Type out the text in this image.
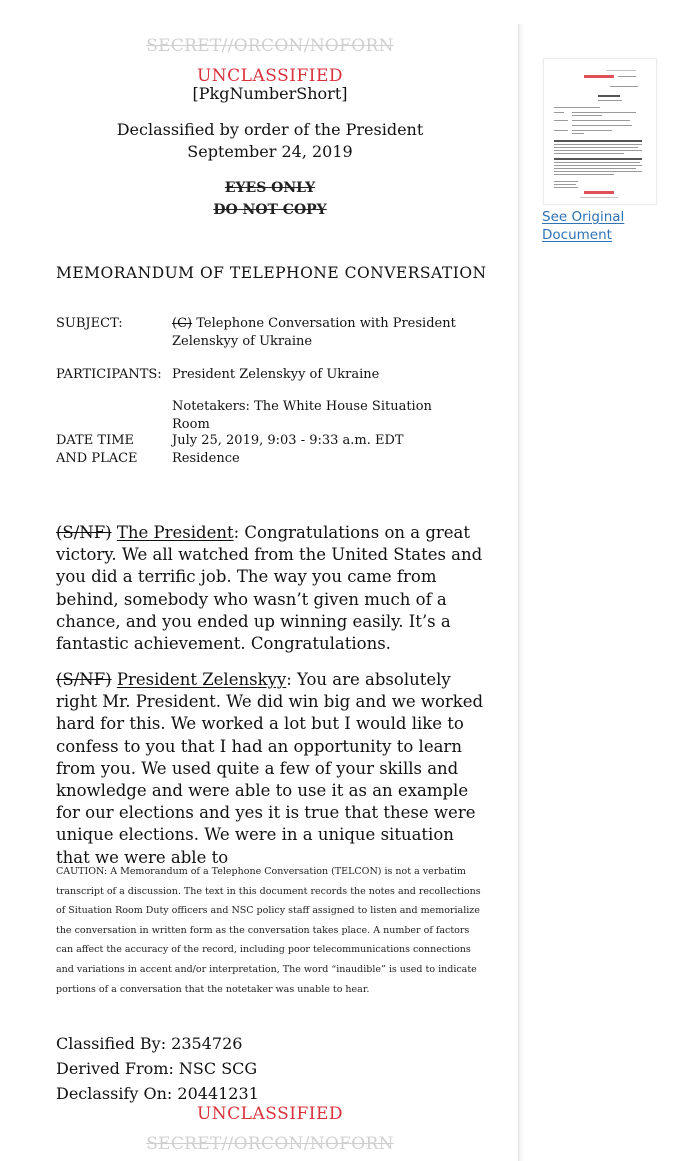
SECRET//ORCON/NOFORN
UNCLASSIFIED
[PkgNumberShort]
Declassified by order of the President
September 24, 2019
EYES ONLY
DO NOT COPY
MEMORANDUM OF TELEPHONE CONVERSATION
SUBJECT:	(C) Telephone Conversation with President Zelenskyy of Ukraine
PARTICIPANTS: President Zelenskyy of Ukraine
Notetakers: The White House Situation Room
DATE TIME
AND PLACE
July 25, 2019, 9:03 - 9:33 a.m. EDT
Residence
(S/NF) The President: Congratulations on a great victory. We all watched from the United States and you did a terrific job. The way you came from behind, somebody who wasn’t given much of a chance, and you ended up winning easily. It’s a fantastic achievement. Congratulations.
(S/NF) President Zelenskyy: You are absolutely right Mr. President. We did win big and we worked hard for this. We worked a lot but I would like to confess to you that I had an opportunity to learn from you. We used quite a few of your skills and knowledge and were able to use it as an example for our elections and yes it is true that these were unique elections. We were in a unique situation that we were able to
CAUTION: A Memorandum of a Telephone Conversation (TELCON) is not a verbatim transcript of a discussion. The text in this document records the notes and recollections of Situation Room Duty officers and NSC policy staff assigned to listen and memorialize the conversation in written form as the conversation takes place. A number of factors can affect the accuracy of the record, including poor telecommunications connections and variations in accent and/or interpretation, The word “inaudible” is used to indicate portions of a conversation that the notetaker was unable to hear.
Classified By: 2354726
Derived From: NSC SCG
Declassify On: 20441231
UNCLASSIFIED
SECRET//ORCON/NOFORN
See Original Document
